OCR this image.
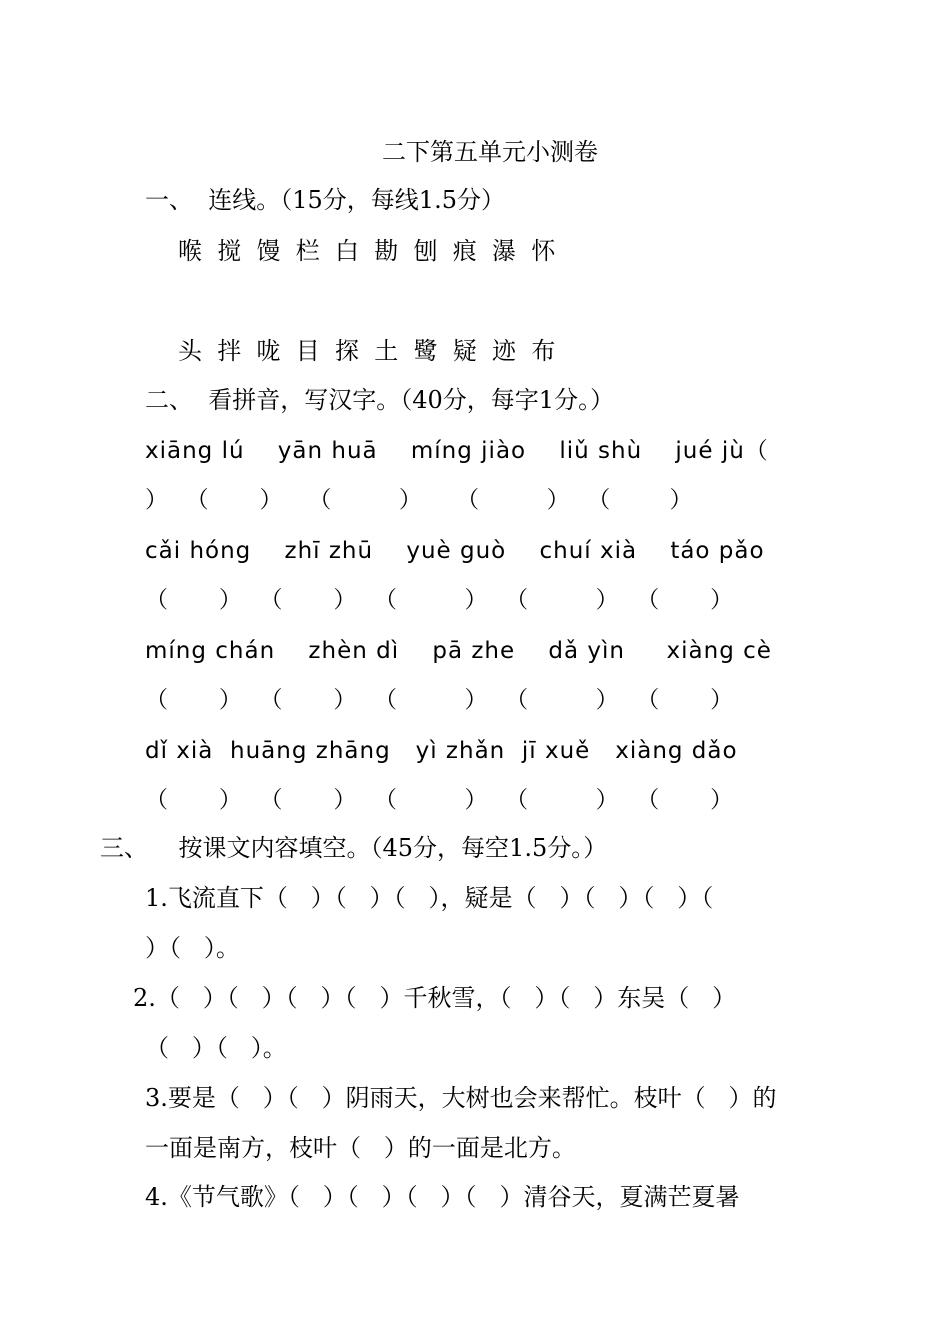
二下第五单元小测卷
一、  连线。（15分，每线1.5分）
喉  搅  馒  栏  白  勘  刨  痕  瀑  怀
头  拌  咙  目  探  土  鹭  疑  迹  布
二、  看拼音，写汉字。（40分，每字1分。）
xiāng lú    yān huā    míng jiào    liǔ shù    jué jù（
）  （      ）   （        ）    （        ）  （       ）
cǎi hóng    zhī zhū    yuè guò    chuí xià    táo pǎo
（      ）  （      ）  （        ）  （        ）  （      ）
míng chán    zhèn dì    pā zhe    dǎ yìn     xiàng cè
（      ）  （      ）  （        ）  （        ）  （      ）
dǐ xià  huāng zhāng   yì zhǎn  jī xuě   xiàng dǎo
（      ）  （      ）  （        ）  （        ）  （      ）
三、    按课文内容填空。（45分，每空1.5分。）
1.飞流直下（   ）（   ）（   ），疑是（   ）（   ）（   ）（
）（   ）。
2.（   ）（   ）（   ）（   ）千秋雪，（   ）（   ）东吴（   ）
（   ）（   ）。
3.要是（   ）（   ）阴雨天，大树也会来帮忙。枝叶（   ）的
一面是南方，枝叶（   ）的一面是北方。
4.《节气歌》（   ）（   ）（   ）（   ）清谷天，夏满芒夏暑
